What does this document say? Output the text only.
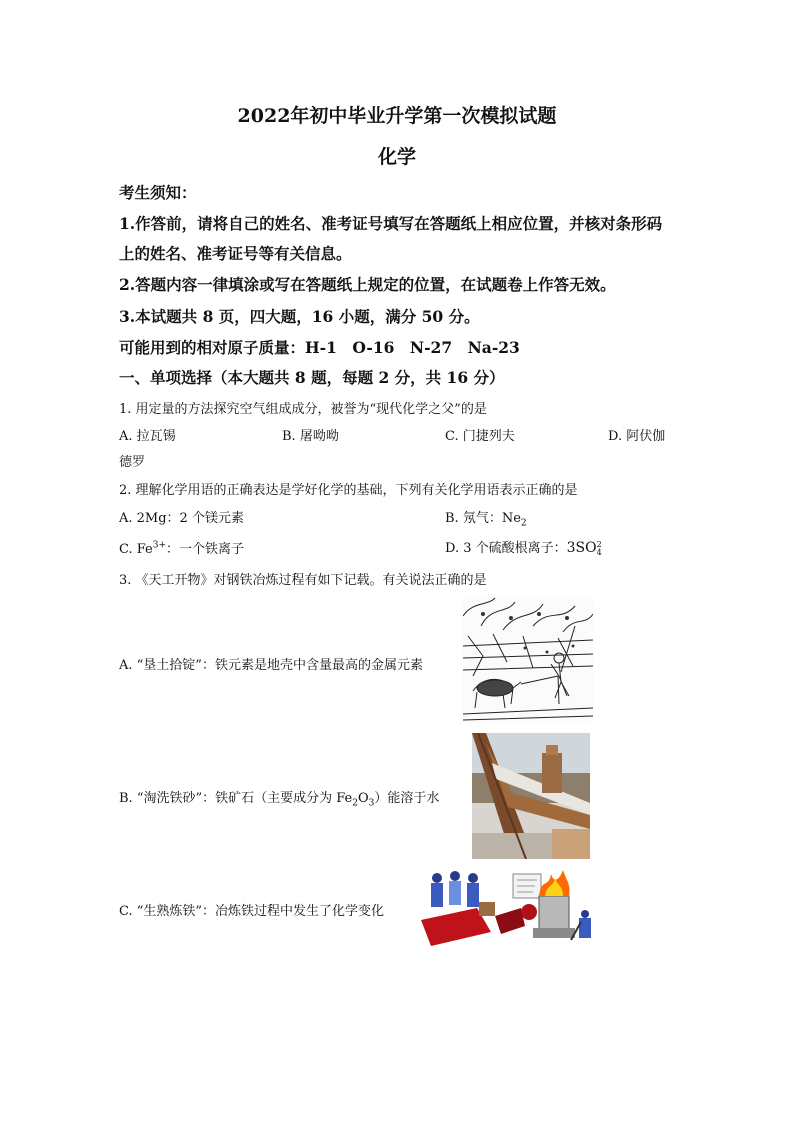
2022年初中毕业升学第一次模拟试题
化学
考生须知：
1.作答前，请将自己的姓名、准考证号填写在答题纸上相应位置，并核对条形码
上的姓名、准考证号等有关信息。
2.答题内容一律填涂或写在答题纸上规定的位置，在试题卷上作答无效。
3.本试题共 8 页，四大题，16 小题，满分 50 分。
可能用到的相对原子质量：H-1　O-16　N-27　Na-23
一、单项选择（本大题共 8 题，每题 2 分，共 16 分）
1. 用定量的方法探究空气组成成分，被誉为“现代化学之父”的是
A. 拉瓦锡	B. 屠呦呦	C. 门捷列夫	D. 阿伏伽
德罗
2. 理解化学用语的正确表达是学好化学的基础，下列有关化学用语表示正确的是
A. 2Mg：2 个镁元素	B. 氖气：$Ne_2$
C. $Fe^{3+}$：一个铁离子	D. 3 个硫酸根离子：3SO 2
4
3. 《天工开物》对钢铁冶炼过程有如下记载。有关说法正确的是
A. “垦土拾锭”：铁元素是地壳中含量最高的金属元素
B. “淘洗铁砂”：铁矿石（主要成分为 $Fe_2O_3$）能溶于水
C. “生熟炼铁”：冶炼铁过程中发生了化学变化
